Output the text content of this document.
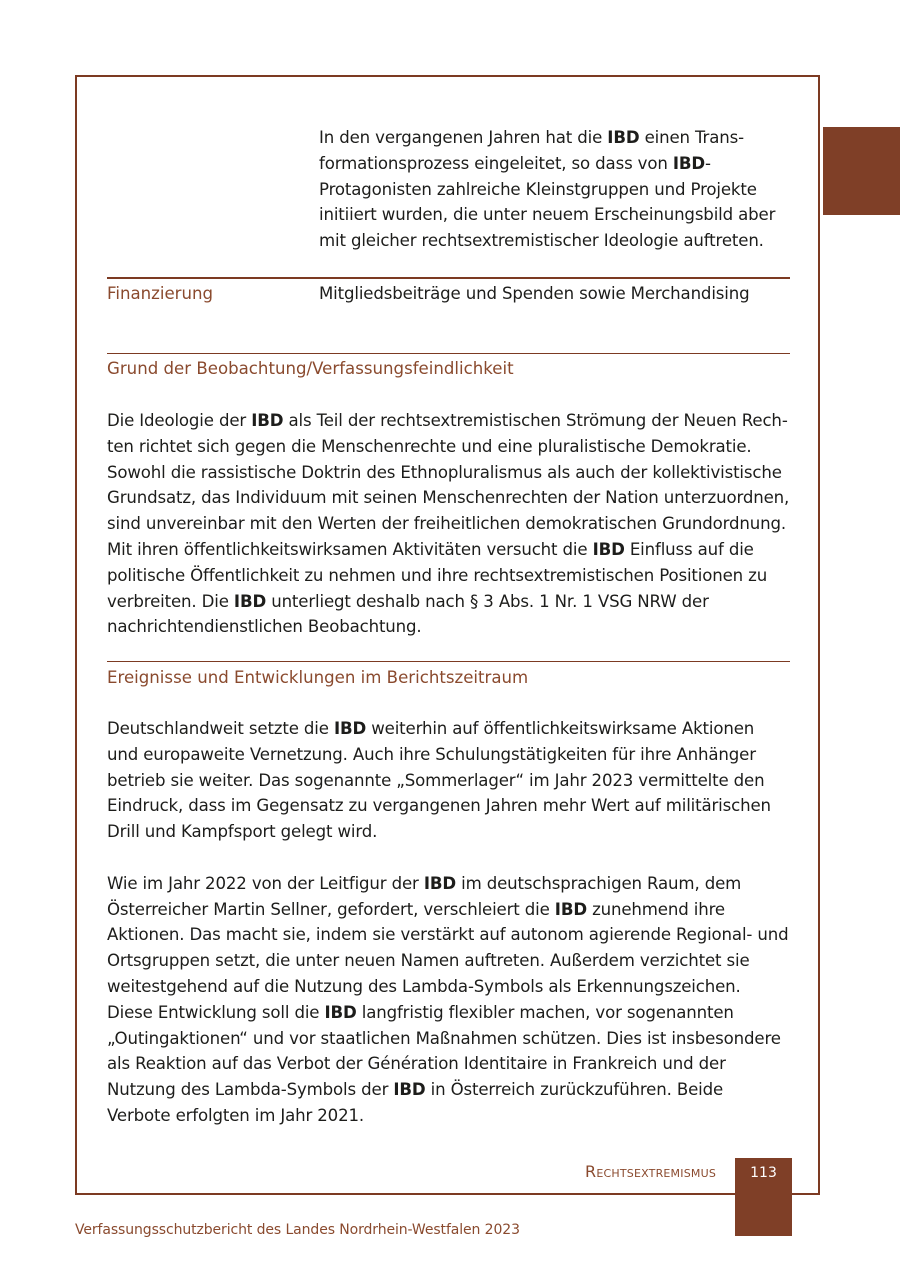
In den vergangenen Jahren hat die IBD einen Transformationsprozess eingeleitet, so dass von IBD-Protagonisten zahlreiche Kleinstgruppen und Projekte initiiert wurden, die unter neuem Erscheinungsbild aber mit gleicher rechtsextremistischer Ideologie auftreten.

Finanzierung	Mitgliedsbeiträge und Spenden sowie Merchandising
Grund der Beobachtung/Verfassungsfeindlichkeit

Die Ideologie der IBD als Teil der rechtsextremistischen Strömung der Neuen Rechten richtet sich gegen die Menschenrechte und eine pluralistische Demokratie. Sowohl die rassistische Doktrin des Ethnopluralismus als auch der kollektivistische Grundsatz, das Individuum mit seinen Menschenrechten der Nation unterzuordnen, sind unvereinbar mit den Werten der freiheitlichen demokratischen Grundordnung. Mit ihren öffentlichkeitswirksamen Aktivitäten versucht die IBD Einfluss auf die politische Öffentlichkeit zu nehmen und ihre rechtsextremistischen Positionen zu verbreiten. Die IBD unterliegt deshalb nach § 3 Abs. 1 Nr. 1 VSG NRW der nachrichtendienstlichen Beobachtung.

Ereignisse und Entwicklungen im Berichtszeitraum

Deutschlandweit setzte die IBD weiterhin auf öffentlichkeitswirksame Aktionen und europaweite Vernetzung. Auch ihre Schulungstätigkeiten für ihre Anhänger betrieb sie weiter. Das sogenannte „Sommerlager“ im Jahr 2023 vermittelte den Eindruck, dass im Gegensatz zu vergangenen Jahren mehr Wert auf militärischen Drill und Kampfsport gelegt wird.

Wie im Jahr 2022 von der Leitfigur der IBD im deutschsprachigen Raum, dem Österreicher Martin Sellner, gefordert, verschleiert die IBD zunehmend ihre Aktionen. Das macht sie, indem sie verstärkt auf autonom agierende Regional- und Ortsgruppen setzt, die unter neuen Namen auftreten. Außerdem verzichtet sie weitestgehend auf die Nutzung des Lambda-Symbols als Erkennungszeichen. Diese Entwicklung soll die IBD langfristig flexibler machen, vor sogenannten „Outingaktionen“ und vor staatlichen Maßnahmen schützen. Dies ist insbesondere als Reaktion auf das Verbot der Génération Identitaire in Frankreich und der Nutzung des Lambda-Symbols der IBD in Österreich zurückzuführen. Beide Verbote erfolgten im Jahr 2021.

Rechtsextremismus	113
Verfassungsschutzbericht des Landes Nordrhein-Westfalen 2023
